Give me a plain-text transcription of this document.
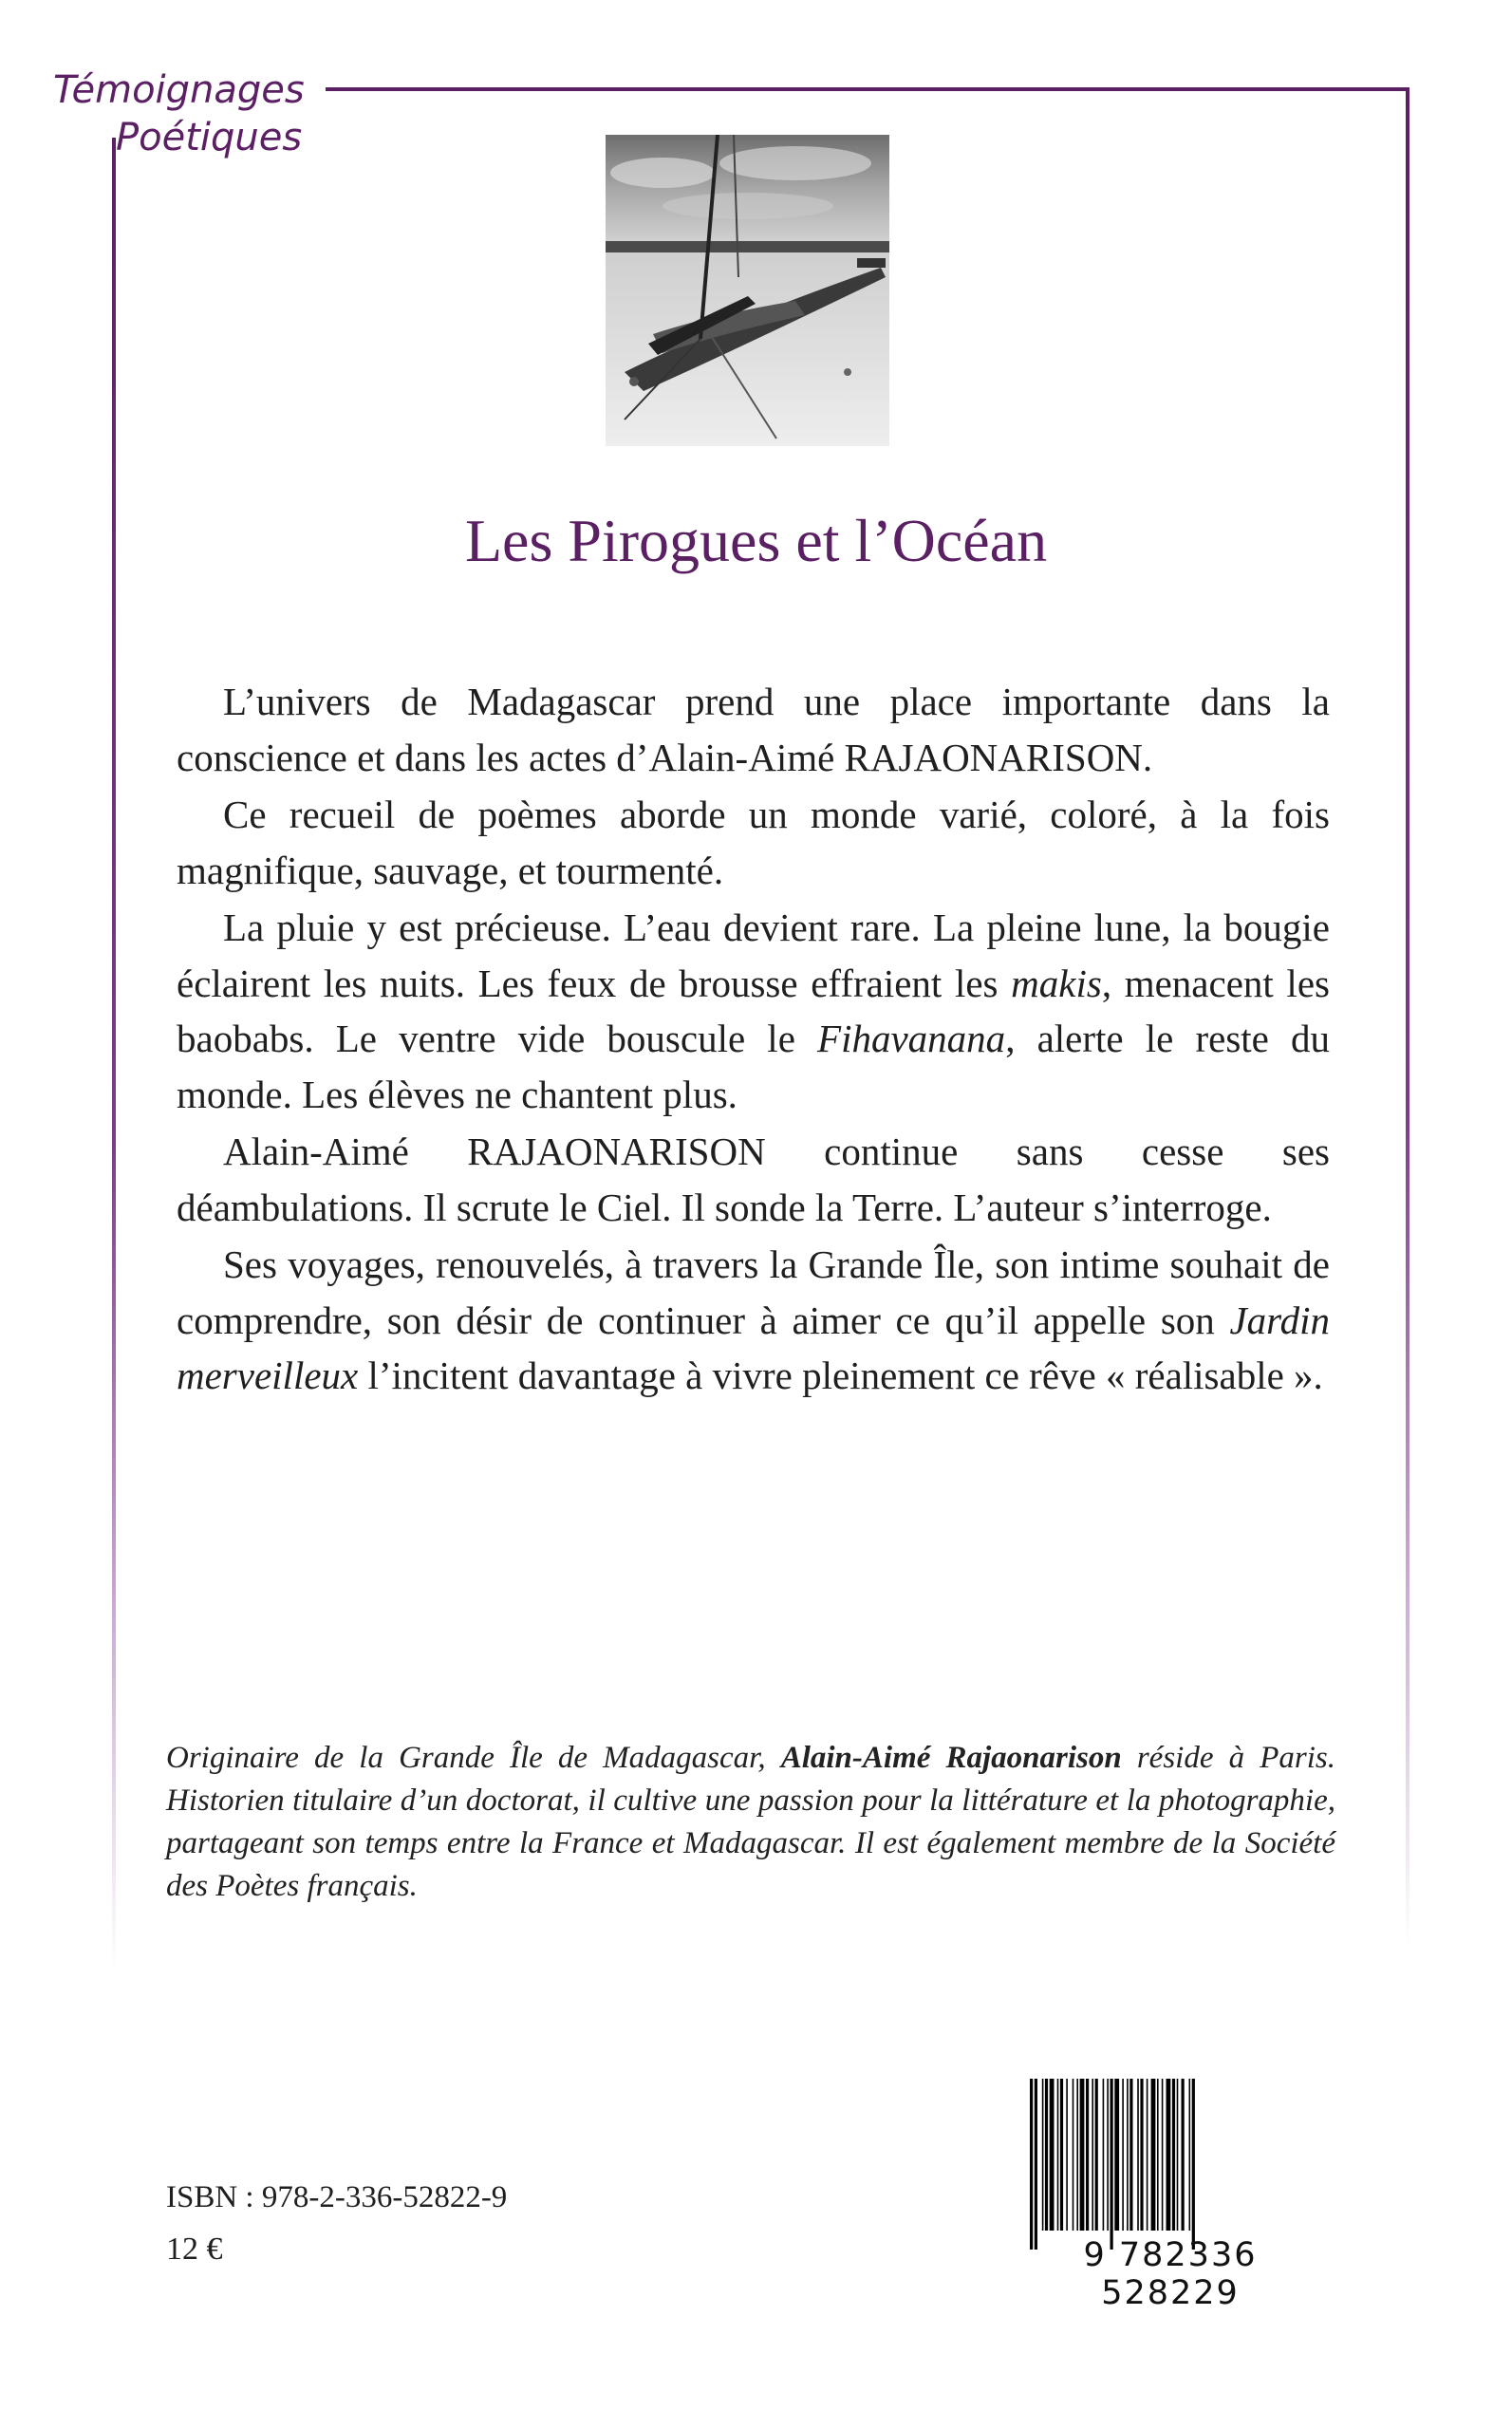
Témoignages
Poétiques
Les Pirogues et l’Océan

L’univers de Madagascar prend une place importante dans la conscience et dans les actes d’Alain-Aimé RAJAONARISON.

Ce recueil de poèmes aborde un monde varié, coloré, à la fois magnifique, sauvage, et tourmenté.

La pluie y est précieuse. L’eau devient rare. La pleine lune, la bougie éclairent les nuits. Les feux de brousse effraient les makis, menacent les baobabs. Le ventre vide bouscule le Fihavanana, alerte le reste du monde. Les élèves ne chantent plus.

Alain-Aimé RAJAONARISON continue sans cesse ses déambulations. Il scrute le Ciel. Il sonde la Terre. L’auteur s’interroge.

Ses voyages, renouvelés, à travers la Grande Île, son intime souhait de comprendre, son désir de continuer à aimer ce qu’il appelle son Jardin merveilleux l’incitent davantage à vivre pleinement ce rêve « réalisable ».

Originaire de la Grande Île de Madagascar, Alain-Aimé Rajaonarison réside à Paris. Historien titulaire d’un doctorat, il cultive une passion pour la littérature et la photographie, partageant son temps entre la France et Madagascar. Il est également membre de la Société des Poètes français.
ISBN : 978-2-336-52822-9
12 €	9 782336 528229
